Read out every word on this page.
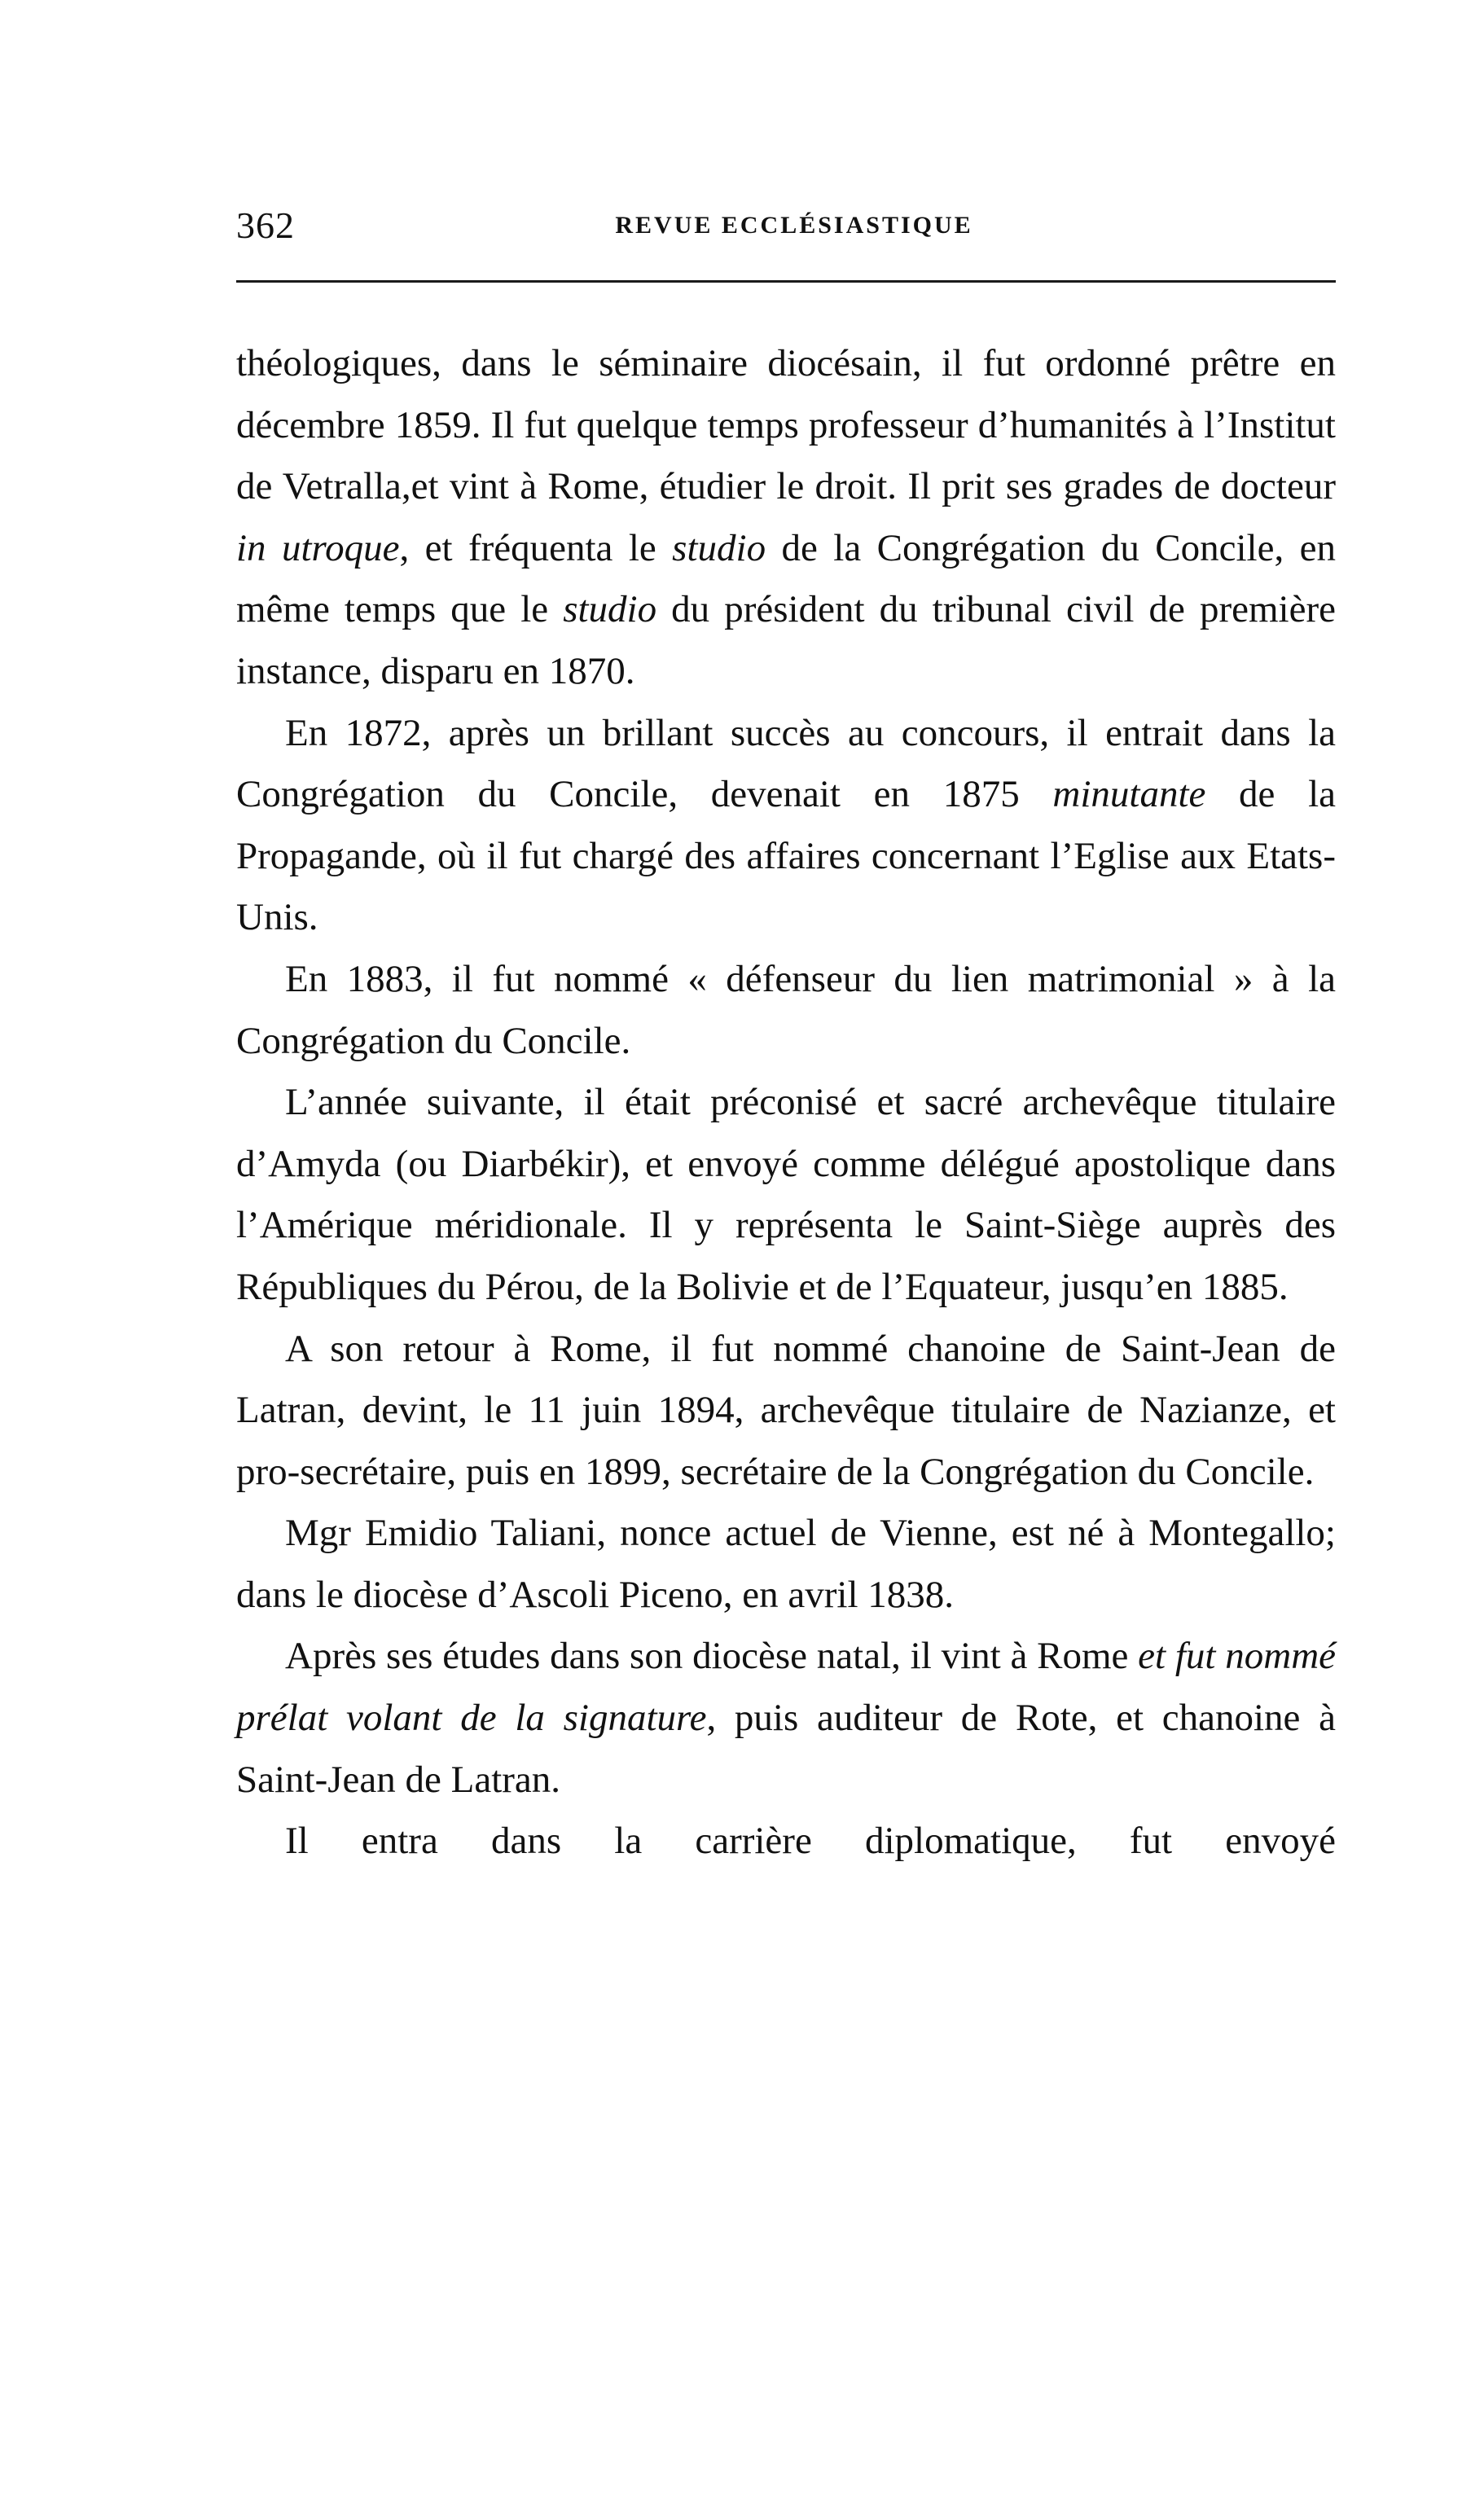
362	REVUE ECCLÉSIASTIQUE

théologiques, dans le séminaire diocésain, il fut ordonné prêtre en décembre 1859. Il fut quelque temps professeur d’humanités à l’Institut de Vetralla,et vint à Rome, étudier le droit. Il prit ses grades de docteur in utroque, et fréquenta le studio de la Congrégation du Concile, en même temps que le studio du président du tribunal civil de première instance, disparu en 1870.

En 1872, après un brillant succès au concours, il entrait dans la Congrégation du Concile, devenait en 1875 minutante de la Propagande, où il fut chargé des affaires concernant l’Eglise aux Etats-Unis.

En 1883, il fut nommé « défenseur du lien matrimonial » à la Congrégation du Concile.

L’année suivante, il était préconisé et sacré archevêque titulaire d’Amyda (ou Diarbékir), et envoyé comme délégué apostolique dans l’Amérique méridionale. Il y représenta le Saint-Siège auprès des Républiques du Pérou, de la Bolivie et de l’Equateur, jusqu’en 1885.

A son retour à Rome, il fut nommé chanoine de Saint-Jean de Latran, devint, le 11 juin 1894, archevêque titulaire de Nazianze, et pro-secrétaire, puis en 1899, secrétaire de la Congrégation du Concile.

Mgr Emidio Taliani, nonce actuel de Vienne, est né à Montegallo; dans le diocèse d’Ascoli Piceno, en avril 1838.

Après ses études dans son diocèse natal, il vint à Rome et fut nommé prélat volant de la signature, puis auditeur de Rote, et chanoine à Saint-Jean de Latran.

Il entra dans la carrière diplomatique, fut envoyé
